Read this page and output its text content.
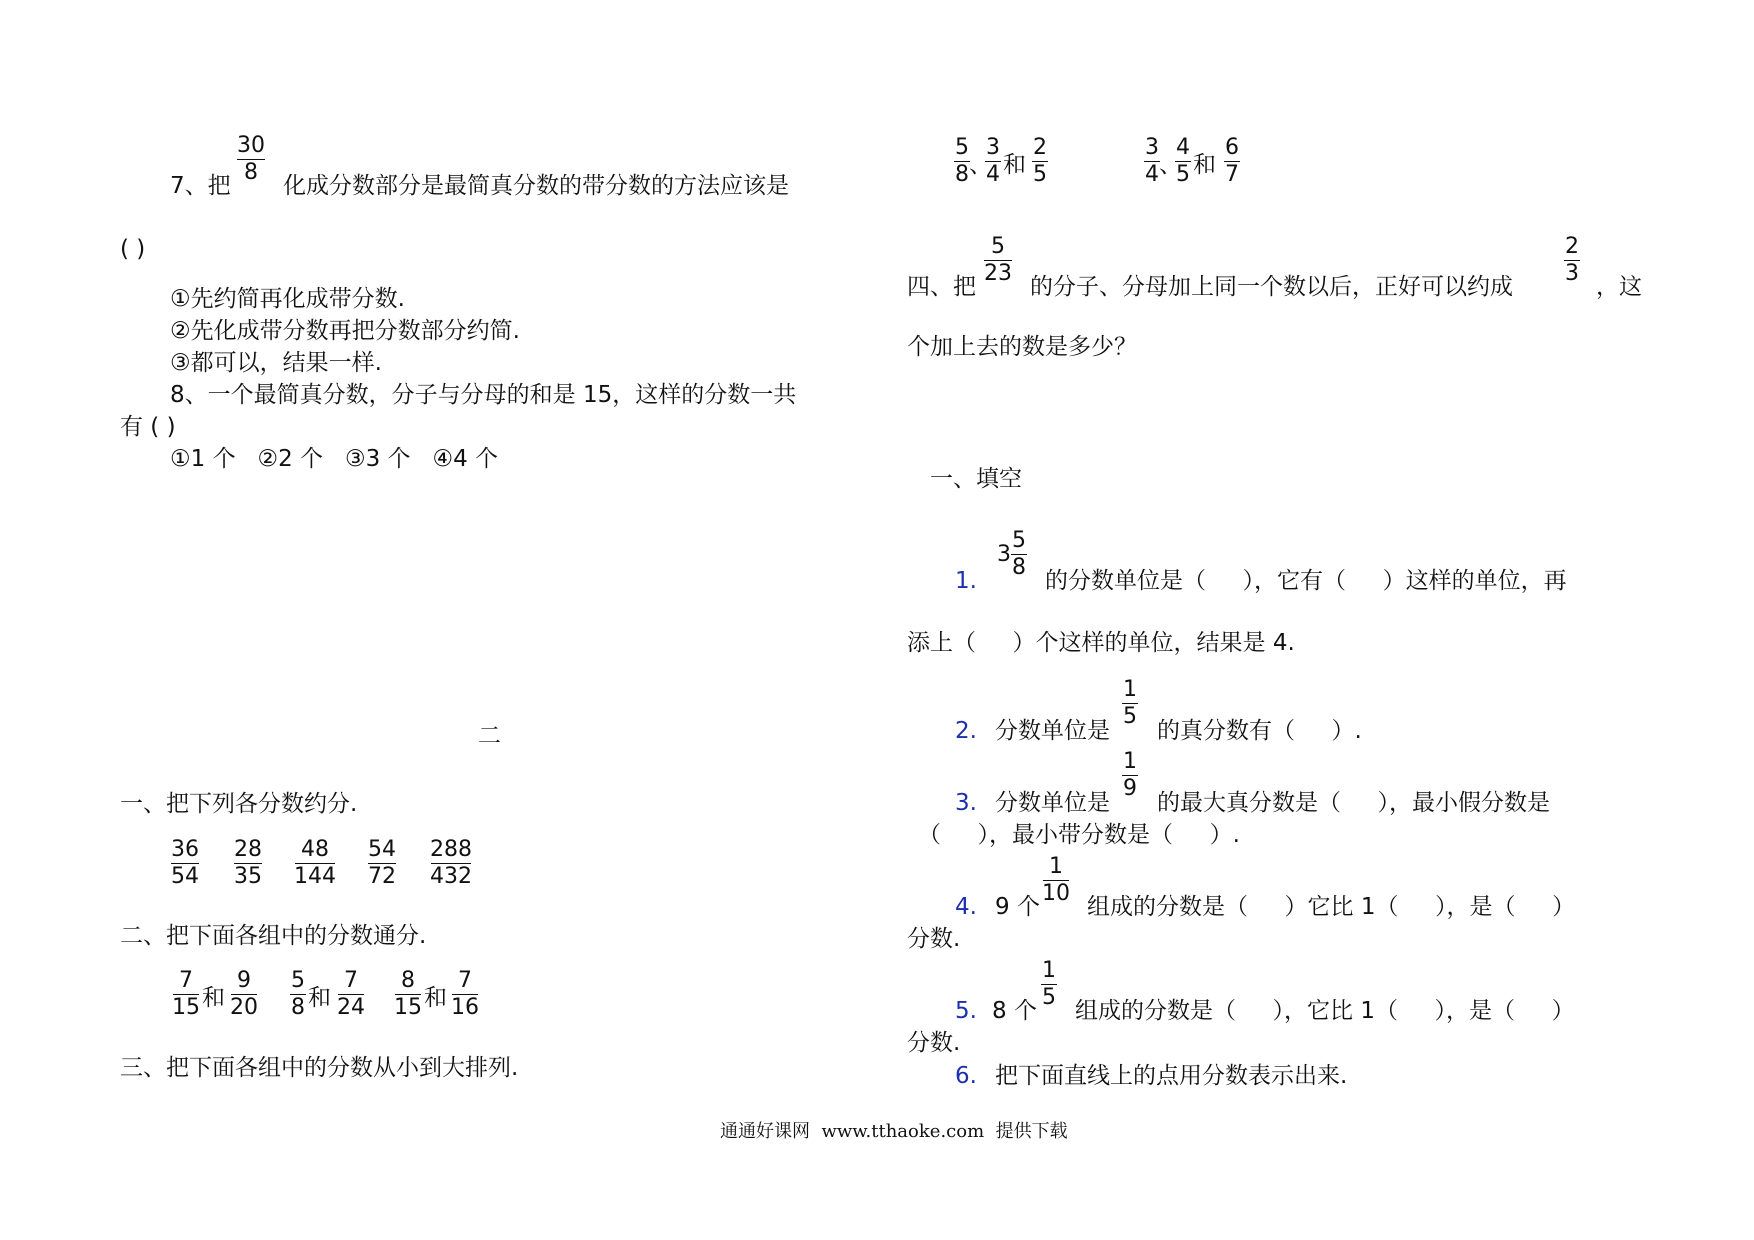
7、把
30
8
化成分数部分是最简真分数的带分数的方法应该是
( )
①先约简再化成带分数.
②先化成带分数再把分数部分约简.
③都可以，结果一样.
8、一个最简真分数，分子与分母的和是 15，这样的分数一共
有 ( )
①1 个   ②2 个   ③3 个   ④4 个
二
一、把下列各分数约分.
36
54
28
35
48
144
54
72
288
432
二、把下面各组中的分数通分.
7
15 和
9
20
5
8 和
7
24
8
15 和
7
16
三、把下面各组中的分数从小到大排列.
5
8 、
3
4 和
2
5
3
4 、
4
5 和
6
7
四、把
5
23
的分子、分母加上同一个数以后，正好可以约成
2
3
，这
个加上去的数是多少？
一、填空
1.
3
5
8
的分数单位是（     ），它有（     ）这样的单位，再
添上（     ）个这样的单位，结果是 4.
2. 分数单位是
1
5
的真分数有（     ）.
3. 分数单位是
1
9
的最大真分数是（     ），最小假分数是
（     ），最小带分数是（     ）.
4. 9 个
1
10
组成的分数是（     ）它比 1（     ），是（     ）
分数.
5. 8 个
1
5
组成的分数是（     ），它比 1（     ），是（     ）
分数.
6. 把下面直线上的点用分数表示出来.
通通好课网  www.tthaoke.com  提供下载
